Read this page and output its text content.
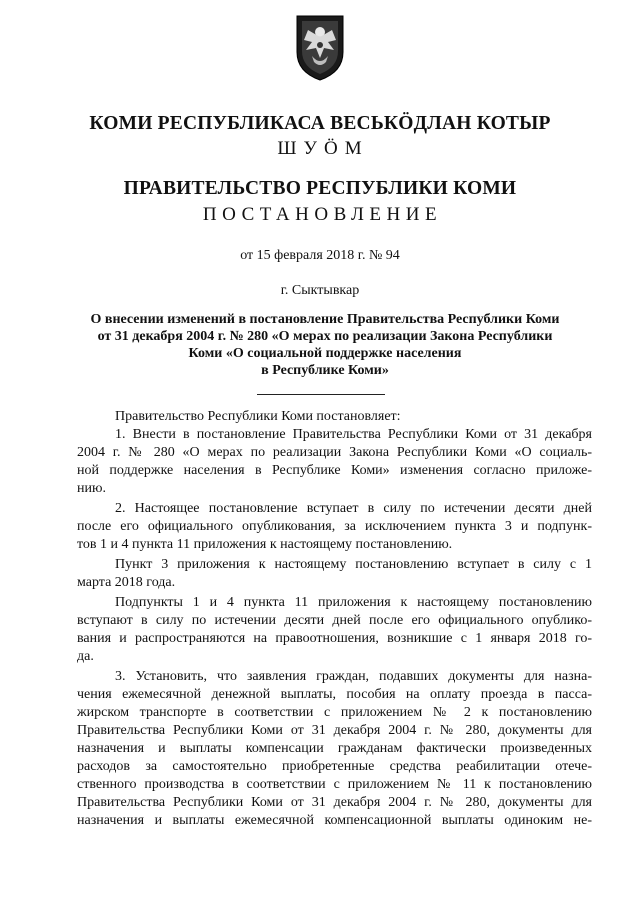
КОМИ РЕСПУБЛИКАСА ВЕСЬКÖДЛАН КОТЫР
ШУÖМ
ПРАВИТЕЛЬСТВО РЕСПУБЛИКИ КОМИ
ПОСТАНОВЛЕНИЕ
от 15 февраля 2018 г. № 94
г. Сыктывкар
О внесении изменений в постановление Правительства Республики Коми
от 31 декабря 2004 г. № 280 «О мерах по реализации Закона Республики
Коми «О социальной поддержке населения
в Республике Коми»
Правительство Республики Коми постановляет:
1. Внести в постановление Правительства Республики Коми от 31 декабря
2004 г. № 280 «О мерах по реализации Закона Республики Коми «О социаль-
ной поддержке населения в Республике Коми» изменения согласно приложе-
нию.
2. Настоящее постановление вступает в силу по истечении десяти дней
после его официального опубликования, за исключением пункта 3 и подпунк-
тов 1 и 4 пункта 11 приложения к настоящему постановлению.
Пункт 3 приложения к настоящему постановлению вступает в силу с 1
марта 2018 года.
Подпункты 1 и 4 пункта 11 приложения к настоящему постановлению
вступают в силу по истечении десяти дней после его официального опублико-
вания и распространяются на правоотношения, возникшие с 1 января 2018 го-
да.
3. Установить, что заявления граждан, подавших документы для назна-
чения ежемесячной денежной выплаты, пособия на оплату проезда в пасса-
жирском транспорте в соответствии с приложением № 2 к постановлению
Правительства Республики Коми от 31 декабря 2004 г. № 280, документы для
назначения и выплаты компенсации гражданам фактически произведенных
расходов за самостоятельно приобретенные средства реабилитации отече-
ственного производства в соответствии с приложением № 11 к постановлению
Правительства Республики Коми от 31 декабря 2004 г. № 280, документы для
назначения и выплаты ежемесячной компенсационной выплаты одиноким не-
